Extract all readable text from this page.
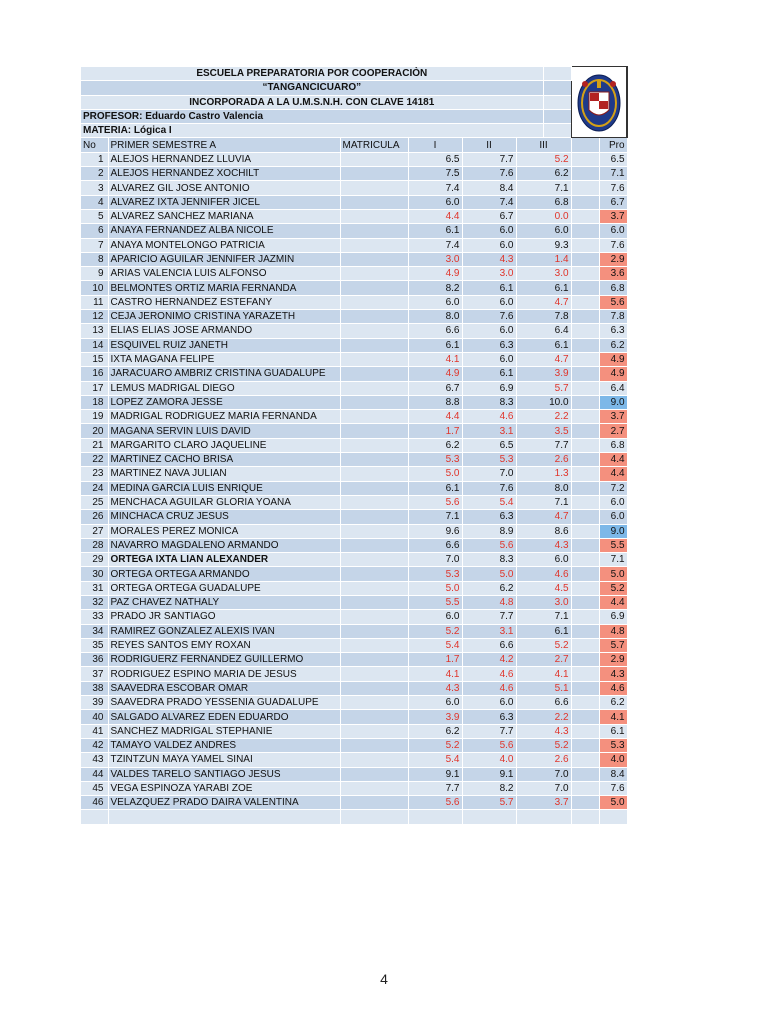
ESCUELA PREPARATORIA POR COOPERACIÒN		

“TANGANCICUARO”									
INCORPORADA A LA U.M.S.N.H. CON CLAVE 14181									
PROFESOR: Eduardo Castro Valencia									
MATERIA: Lógica I									
No	PRIMER SEMESTRE A	MATRICULA	I	II	III			Pro	
1	ALEJOS HERNANDEZ LLUVIA		6.5	7.7	5.2			6.5	
2	ALEJOS HERNANDEZ XOCHILT		7.5	7.6	6.2			7.1	
3	ALVAREZ GIL JOSE ANTONIO		7.4	8.4	7.1			7.6	
4	ALVAREZ IXTA JENNIFER JICEL		6.0	7.4	6.8			6.7	
5	ALVAREZ SANCHEZ MARIANA		4.4	6.7	0.0			3.7	
6	ANAYA FERNANDEZ ALBA NICOLE		6.1	6.0	6.0			6.0	
7	ANAYA MONTELONGO PATRICIA		7.4	6.0	9.3			7.6	
8	APARICIO AGUILAR JENNIFER JAZMIN		3.0	4.3	1.4			2.9	
9	ARIAS VALENCIA LUIS ALFONSO		4.9	3.0	3.0			3.6	
10	BELMONTES ORTIZ MARIA FERNANDA		8.2	6.1	6.1			6.8	
11	CASTRO HERNANDEZ ESTEFANY		6.0	6.0	4.7			5.6	
12	CEJA JERONIMO CRISTINA YARAZETH		8.0	7.6	7.8			7.8	
13	ELIAS ELIAS JOSE ARMANDO		6.6	6.0	6.4			6.3	
14	ESQUIVEL RUIZ JANETH		6.1	6.3	6.1			6.2	
15	IXTA MAGANA FELIPE		4.1	6.0	4.7			4.9	
16	JARACUARO AMBRIZ CRISTINA GUADALUPE		4.9	6.1	3.9			4.9	
17	LEMUS MADRIGAL DIEGO		6.7	6.9	5.7			6.4	
18	LOPEZ ZAMORA JESSE		8.8	8.3	10.0			9.0	
19	MADRIGAL RODRIGUEZ MARIA FERNANDA		4.4	4.6	2.2			3.7	
20	MAGANA SERVIN LUIS DAVID		1.7	3.1	3.5			2.7	
21	MARGARITO CLARO JAQUELINE		6.2	6.5	7.7			6.8	
22	MARTINEZ CACHO BRISA		5.3	5.3	2.6			4.4	
23	MARTINEZ NAVA JULIAN		5.0	7.0	1.3			4.4	
24	MEDINA GARCIA LUIS ENRIQUE		6.1	7.6	8.0			7.2	
25	MENCHACA AGUILAR GLORIA YOANA		5.6	5.4	7.1			6.0	
26	MINCHACA CRUZ JESUS		7.1	6.3	4.7			6.0	
27	MORALES PEREZ MONICA		9.6	8.9	8.6			9.0	
28	NAVARRO MAGDALENO ARMANDO		6.6	5.6	4.3			5.5	
29	ORTEGA IXTA LIAN ALEXANDER		7.0	8.3	6.0			7.1	
30	ORTEGA ORTEGA ARMANDO		5.3	5.0	4.6			5.0	
31	ORTEGA ORTEGA GUADALUPE		5.0	6.2	4.5			5.2	
32	PAZ CHAVEZ NATHALY		5.5	4.8	3.0			4.4	
33	PRADO JR SANTIAGO		6.0	7.7	7.1			6.9	
34	RAMIREZ GONZALEZ ALEXIS IVAN		5.2	3.1	6.1			4.8	
35	REYES SANTOS EMY ROXAN		5.4	6.6	5.2			5.7	
36	RODRIGUERZ FERNANDEZ GUILLERMO		1.7	4.2	2.7			2.9	
37	RODRIGUEZ ESPINO MARIA DE JESUS		4.1	4.6	4.1			4.3	
38	SAAVEDRA ESCOBAR OMAR		4.3	4.6	5.1			4.6	
39	SAAVEDRA PRADO YESSENIA GUADALUPE		6.0	6.0	6.6			6.2	
40	SALGADO ALVAREZ EDEN EDUARDO		3.9	6.3	2.2			4.1	
41	SANCHEZ MADRIGAL STEPHANIE		6.2	7.7	4.3			6.1	
42	TAMAYO VALDEZ ANDRES		5.2	5.6	5.2			5.3	
43	TZINTZUN MAYA YAMEL SINAI		5.4	4.0	2.6			4.0	
44	VALDES TARELO SANTIAGO JESUS		9.1	9.1	7.0			8.4	
45	VEGA ESPINOZA YARABI ZOE		7.7	8.2	7.0			7.6	
46	VELAZQUEZ PRADO DAIRA VALENTINA		5.6	5.7	3.7			5.0	

4
